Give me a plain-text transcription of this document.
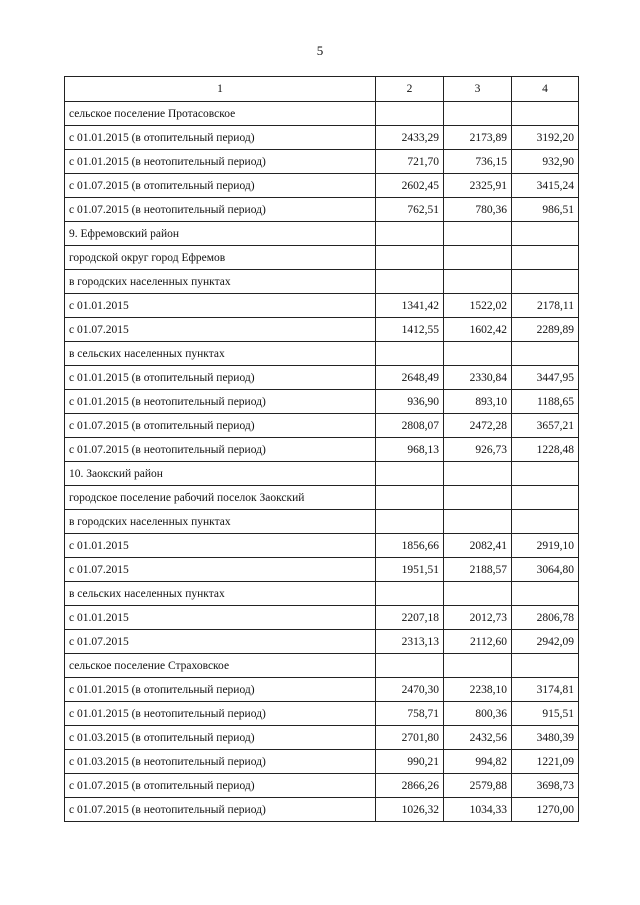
5
1	2	3	4
сельское поселение Протасовское			
с 01.01.2015 (в отопительный период)	2433,29	2173,89	3192,20
с 01.01.2015 (в неотопительный период)	721,70	736,15	932,90
с 01.07.2015 (в отопительный период)	2602,45	2325,91	3415,24
с 01.07.2015 (в неотопительный период)	762,51	780,36	986,51
9. Ефремовский район			
городской округ город Ефремов			
в городских населенных пунктах			
с 01.01.2015	1341,42	1522,02	2178,11
с 01.07.2015	1412,55	1602,42	2289,89
в сельских населенных пунктах			
с 01.01.2015 (в отопительный период)	2648,49	2330,84	3447,95
с 01.01.2015 (в неотопительный период)	936,90	893,10	1188,65
с 01.07.2015 (в отопительный период)	2808,07	2472,28	3657,21
с 01.07.2015 (в неотопительный период)	968,13	926,73	1228,48
10. Заокский район			
городское поселение рабочий поселок Заокский			
в городских населенных пунктах			
с 01.01.2015	1856,66	2082,41	2919,10
с 01.07.2015	1951,51	2188,57	3064,80
в сельских населенных пунктах			
с 01.01.2015	2207,18	2012,73	2806,78
с 01.07.2015	2313,13	2112,60	2942,09
сельское поселение Страховское			
с 01.01.2015 (в отопительный период)	2470,30	2238,10	3174,81
с 01.01.2015 (в неотопительный период)	758,71	800,36	915,51
с 01.03.2015 (в отопительный период)	2701,80	2432,56	3480,39
с 01.03.2015 (в неотопительный период)	990,21	994,82	1221,09
с 01.07.2015 (в отопительный период)	2866,26	2579,88	3698,73
с 01.07.2015 (в неотопительный период)	1026,32	1034,33	1270,00
